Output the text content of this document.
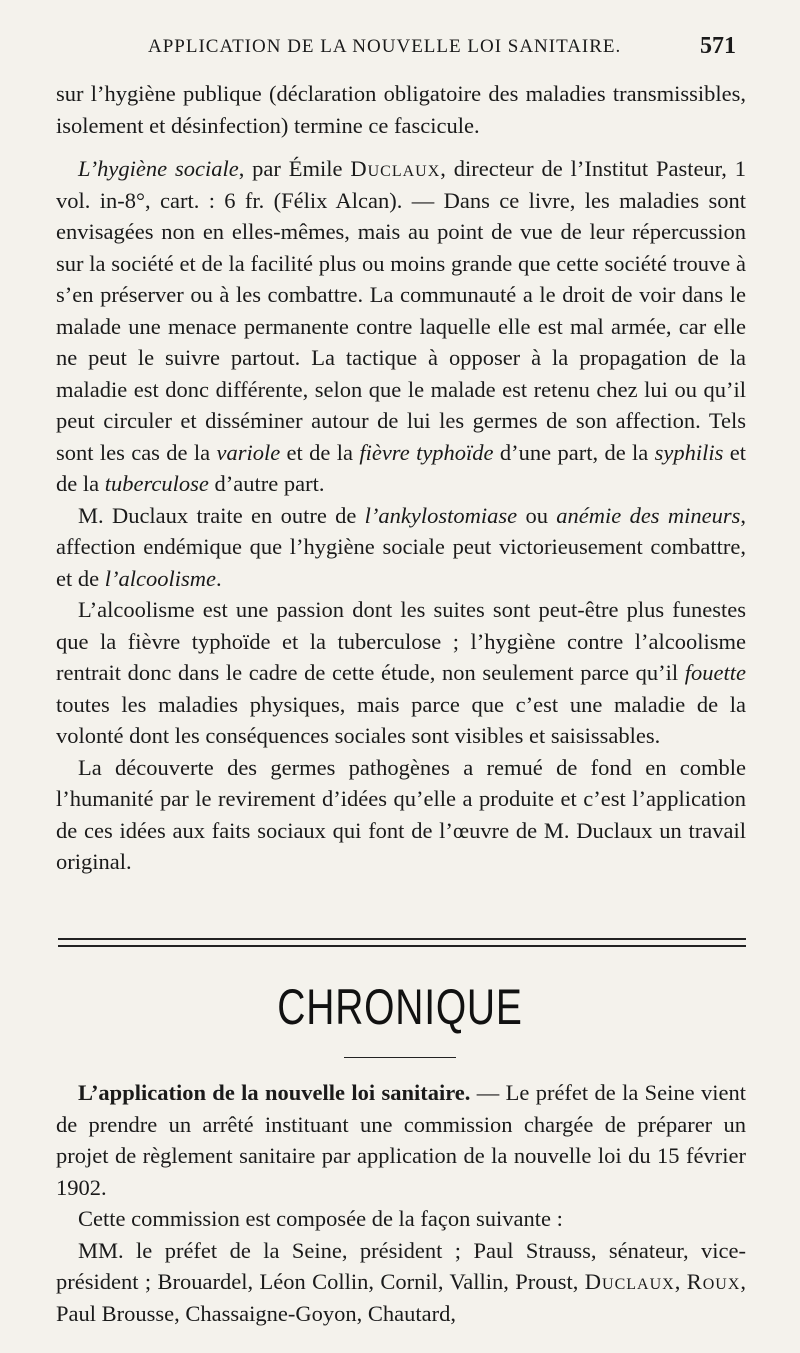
APPLICATION DE LA NOUVELLE LOI SANITAIRE.	571

sur l’hygiène publique (déclaration obligatoire des maladies transmissibles, isolement et désinfection) termine ce fascicule.

L’hygiène sociale, par Émile Duclaux, directeur de l’Institut Pasteur, 1 vol. in-8°, cart. : 6 fr. (Félix Alcan). — Dans ce livre, les maladies sont envisagées non en elles-mêmes, mais au point de vue de leur répercussion sur la société et de la facilité plus ou moins grande que cette société trouve à s’en préserver ou à les combattre. La communauté a le droit de voir dans le malade une menace permanente contre laquelle elle est mal armée, car elle ne peut le suivre partout. La tactique à opposer à la propagation de la maladie est donc différente, selon que le malade est retenu chez lui ou qu’il peut circuler et disséminer autour de lui les germes de son affection. Tels sont les cas de la variole et de la fièvre typhoïde d’une part, de la syphilis et de la tuberculose d’autre part.

M. Duclaux traite en outre de l’ankylostomiase ou anémie des mineurs, affection endémique que l’hygiène sociale peut victorieusement combattre, et de l’alcoolisme.

L’alcoolisme est une passion dont les suites sont peut-être plus funestes que la fièvre typhoïde et la tuberculose ; l’hygiène contre l’alcoolisme rentrait donc dans le cadre de cette étude, non seulement parce qu’il fouette toutes les maladies physiques, mais parce que c’est une maladie de la volonté dont les conséquences sociales sont visibles et saisissables.

La découverte des germes pathogènes a remué de fond en comble l’humanité par le revirement d’idées qu’elle a produite et c’est l’application de ces idées aux faits sociaux qui font de l’œuvre de M. Duclaux un travail original.

CHRONIQUE

L’application de la nouvelle loi sanitaire. — Le préfet de la Seine vient de prendre un arrêté instituant une commission chargée de préparer un projet de règlement sanitaire par application de la nouvelle loi du 15 février 1902.

Cette commission est composée de la façon suivante :

MM. le préfet de la Seine, président ; Paul Strauss, sénateur, vice-président ; Brouardel, Léon Collin, Cornil, Vallin, Proust, Duclaux, Roux, Paul Brousse, Chassaigne-Goyon, Chautard,
